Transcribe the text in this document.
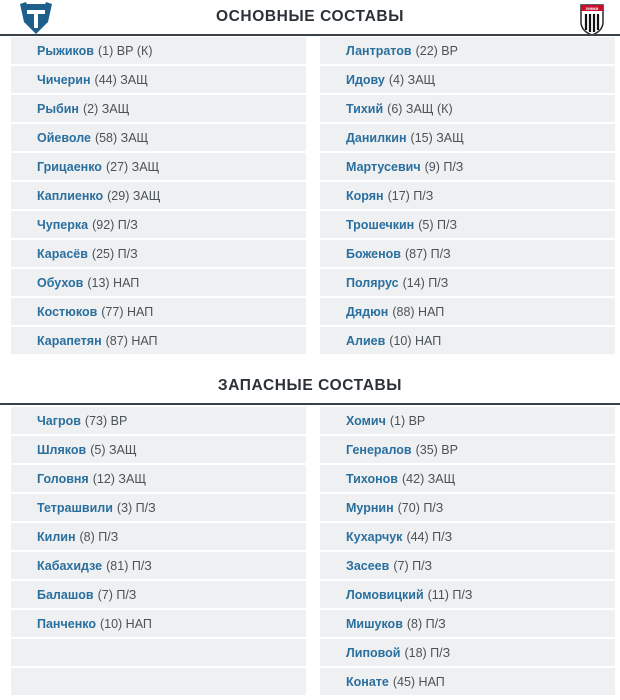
ХИМКИ
ОСНОВНЫЕ СОСТАВЫ
Рыжиков (1) ВР (К)
Чичерин (44) ЗАЩ
Рыбин (2) ЗАЩ
Ойеволе (58) ЗАЩ
Грицаенко (27) ЗАЩ
Каплиенко (29) ЗАЩ
Чуперка (92) П/З
Карасёв (25) П/З
Обухов (13) НАП
Костюков (77) НАП
Карапетян (87) НАП
Лантратов (22) ВР
Идову (4) ЗАЩ
Тихий (6) ЗАЩ (К)
Данилкин (15) ЗАЩ
Мартусевич (9) П/З
Корян (17) П/З
Трошечкин (5) П/З
Боженов (87) П/З
Полярус (14) П/З
Дядюн (88) НАП
Алиев (10) НАП
ЗАПАСНЫЕ СОСТАВЫ
Чагров (73) ВР
Шляков (5) ЗАЩ
Головня (12) ЗАЩ
Тетрашвили (3) П/З
Килин (8) П/З
Кабахидзе (81) П/З
Балашов (7) П/З
Панченко (10) НАП
Хомич (1) ВР
Генералов (35) ВР
Тихонов (42) ЗАЩ
Мурнин (70) П/З
Кухарчук (44) П/З
Засеев (7) П/З
Ломовицкий (11) П/З
Мишуков (8) П/З
Липовой (18) П/З
Конате (45) НАП
